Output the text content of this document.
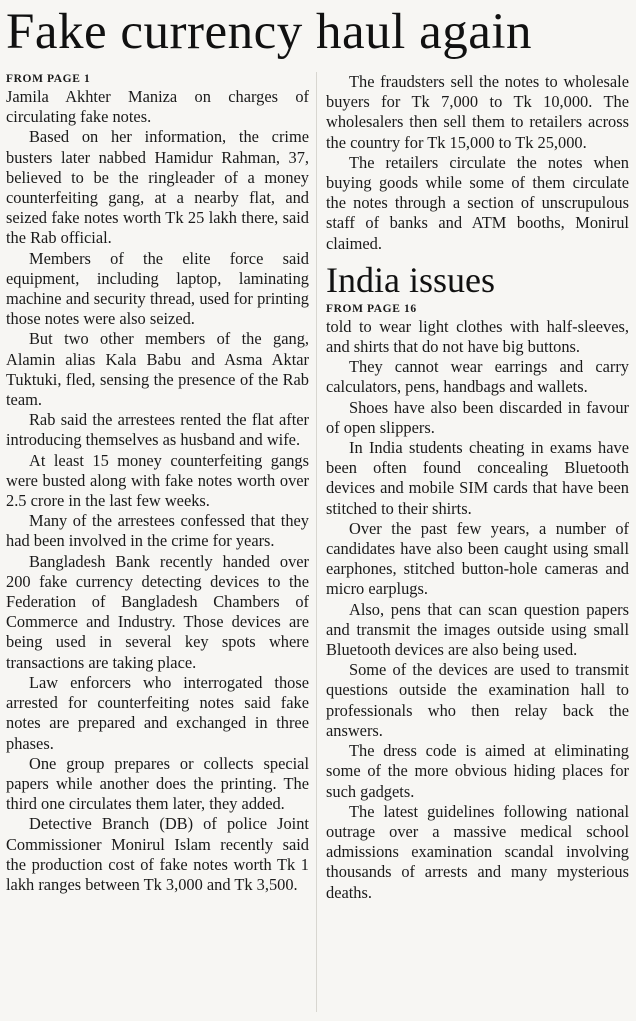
Fake currency haul again
FROM PAGE 1

Jamila Akhter Maniza on charges of circulating fake notes.

Based on her information, the crime busters later nabbed Hamidur Rahman, 37, believed to be the ringleader of a money counterfeiting gang, at a nearby flat, and seized fake notes worth Tk 25 lakh there, said the Rab official.

Members of the elite force said equipment, including laptop, laminating machine and security thread, used for printing those notes were also seized.

But two other members of the gang, Alamin alias Kala Babu and Asma Aktar Tuktuki, fled, sensing the presence of the Rab team.

Rab said the arrestees rented the flat after introducing themselves as husband and wife.

At least 15 money counterfeiting gangs were busted along with fake notes worth over 2.5 crore in the last few weeks.

Many of the arrestees confessed that they had been involved in the crime for years.

Bangladesh Bank recently handed over 200 fake currency detecting devices to the Federation of Bangladesh Chambers of Commerce and Industry. Those devices are being used in several key spots where transactions are taking place.

Law enforcers who interrogated those arrested for counterfeiting notes said fake notes are prepared and exchanged in three phases.

One group prepares or collects special papers while another does the printing. The third one circulates them later, they added.

Detective Branch (DB) of police Joint Commissioner Monirul Islam recently said the production cost of fake notes worth Tk 1 lakh ranges between Tk 3,000 and Tk 3,500.

The fraudsters sell the notes to wholesale buyers for Tk 7,000 to Tk 10,000. The wholesalers then sell them to retailers across the country for Tk 15,000 to Tk 25,000.

The retailers circulate the notes when buying goods while some of them circulate the notes through a section of unscrupulous staff of banks and ATM booths, Monirul claimed.

India issues
FROM PAGE 16

told to wear light clothes with half-sleeves, and shirts that do not have big buttons.

They cannot wear earrings and carry calculators, pens, handbags and wallets.

Shoes have also been discarded in favour of open slippers.

In India students cheating in exams have been often found concealing Bluetooth devices and mobile SIM cards that have been stitched to their shirts.

Over the past few years, a number of candidates have also been caught using small earphones, stitched button-hole cameras and micro earplugs.

Also, pens that can scan question papers and transmit the images outside using small Bluetooth devices are also being used.

Some of the devices are used to transmit questions outside the examination hall to professionals who then relay back the answers.

The dress code is aimed at eliminating some of the more obvious hiding places for such gadgets.

The latest guidelines following national outrage over a massive medical school admissions examination scandal involving thousands of arrests and many mysterious deaths.
